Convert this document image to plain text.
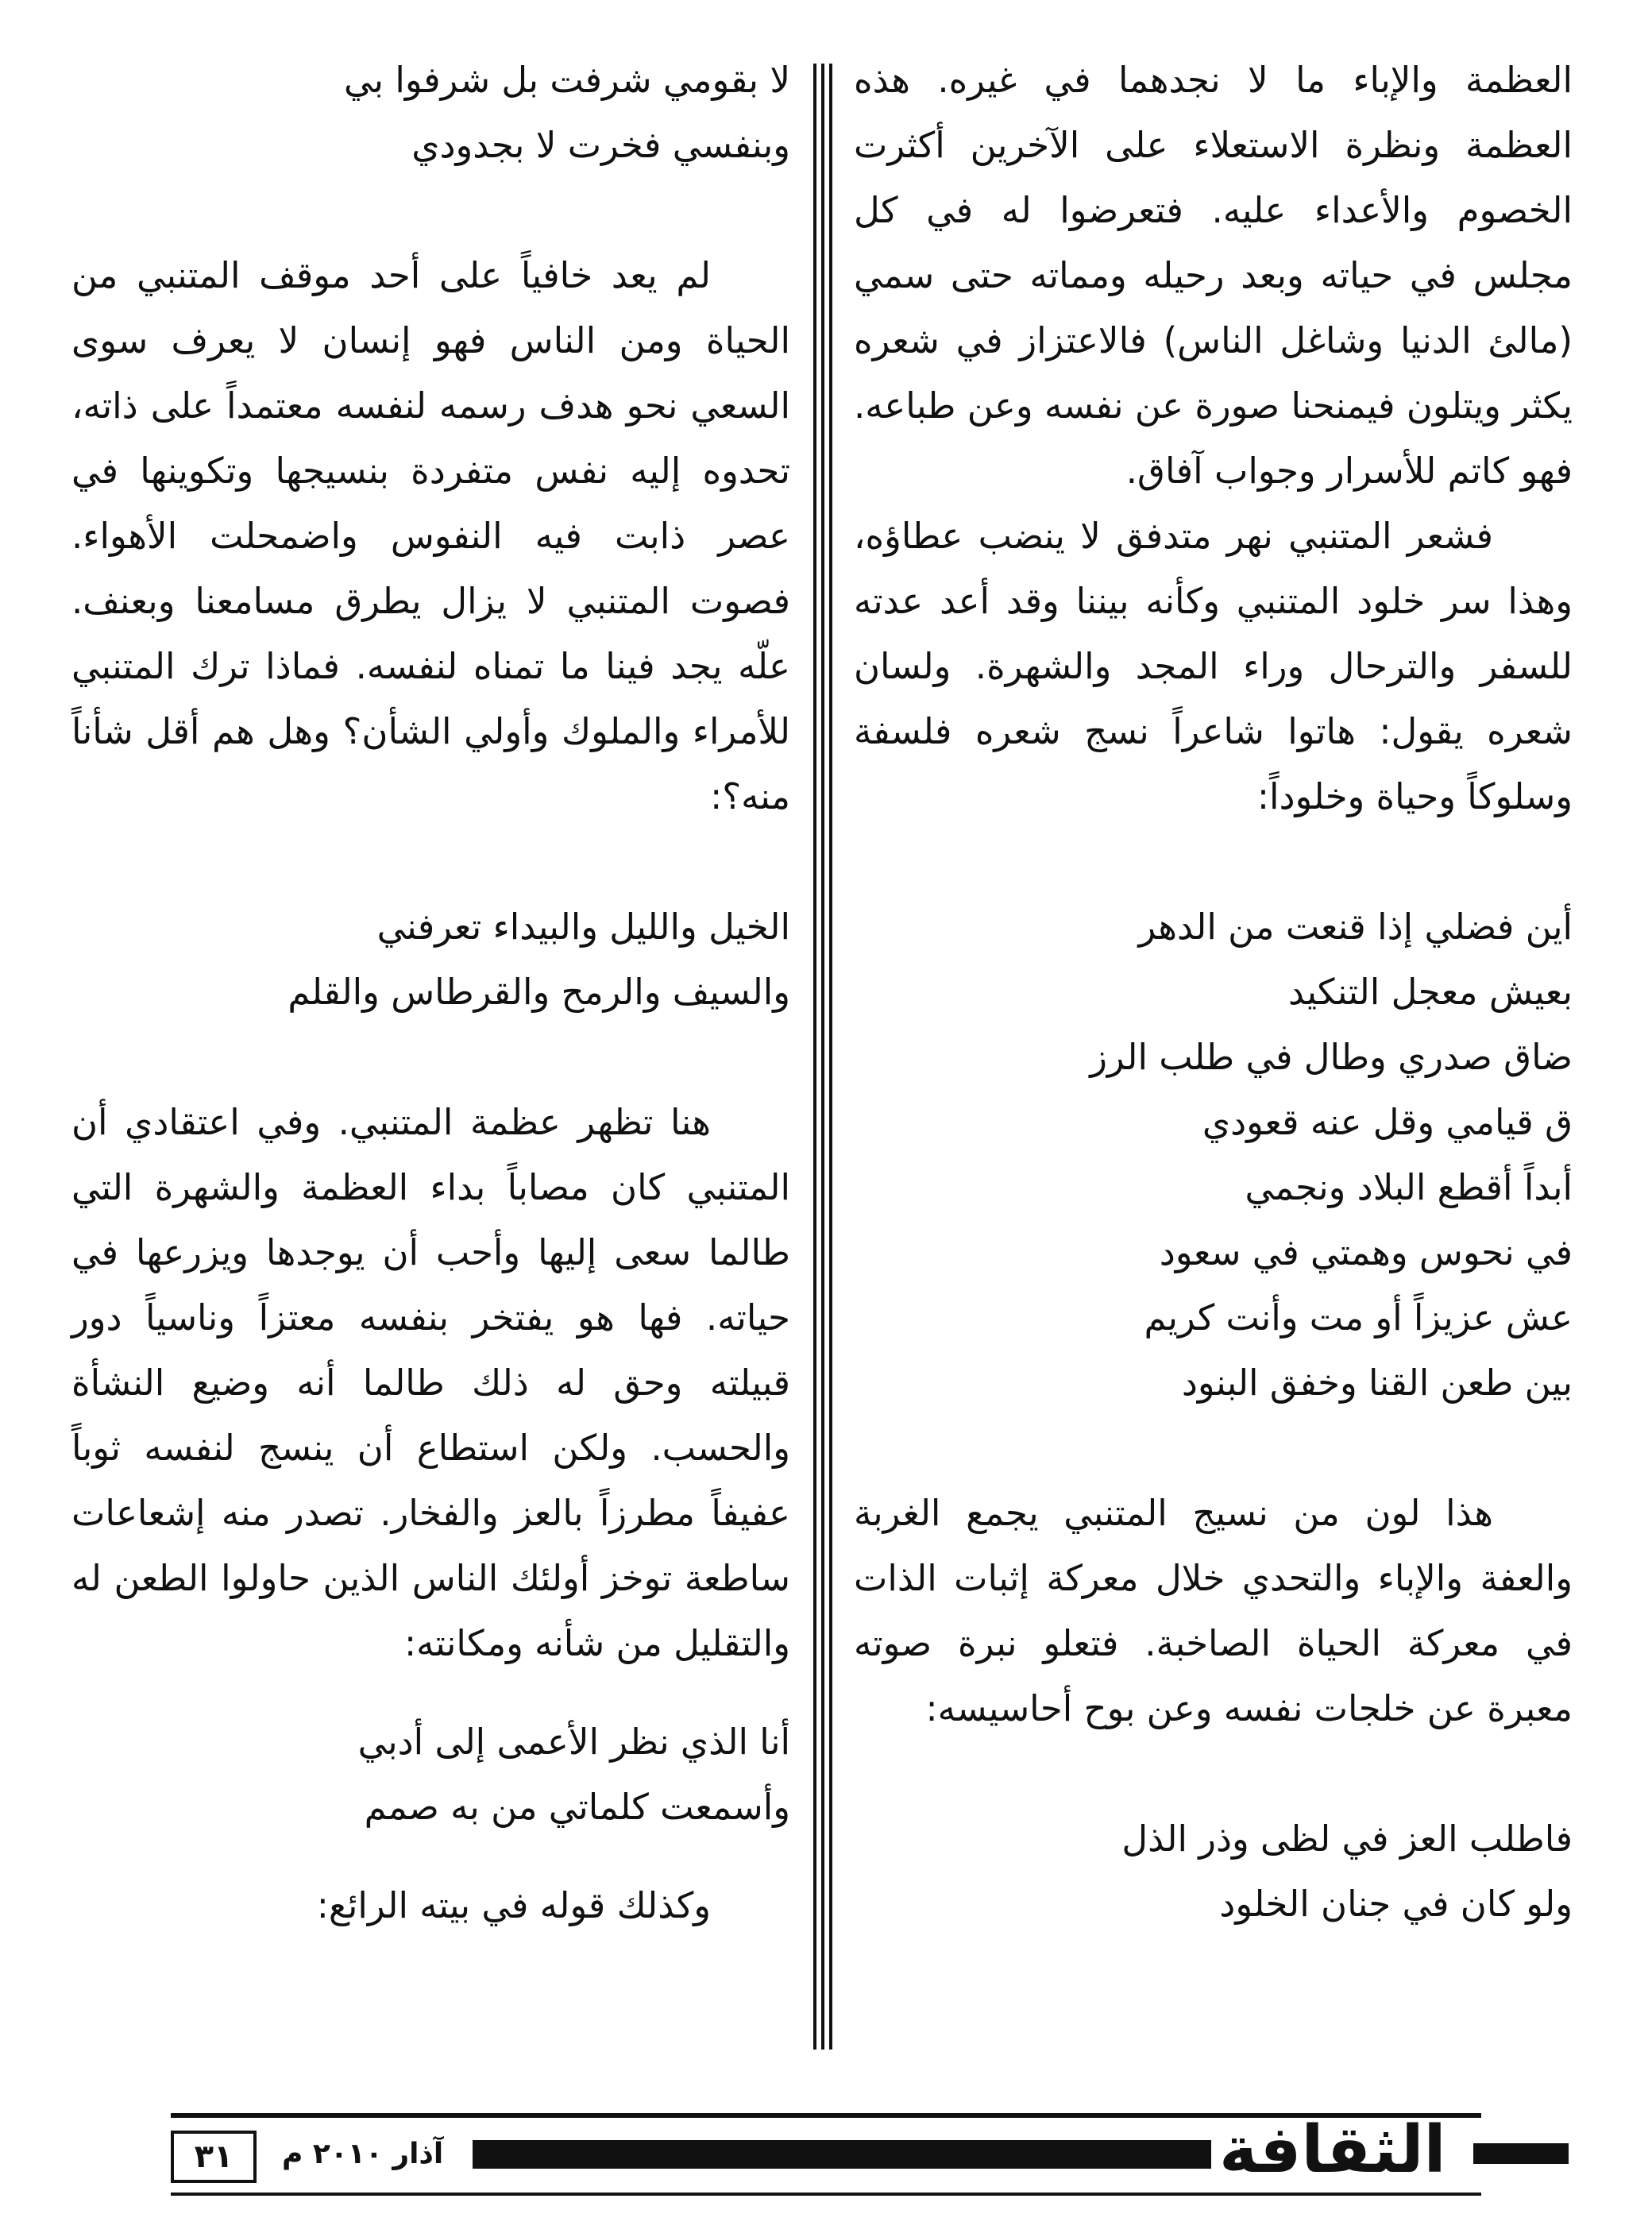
العظمة والإباء ما لا نجدهما في غيره. هذه العظمة ونظرة الاستعلاء على الآخرين أكثرت الخصوم والأعداء عليه. فتعرضوا له في كل مجلس في حياته وبعد رحيله ومماته حتى سمي (مالئ الدنيا وشاغل الناس) فالاعتزاز في شعره يكثر ويتلون فيمنحنا صورة عن نفسه وعن طباعه. فهو كاتم للأسرار وجواب آفاق.

فشعر المتنبي نهر متدفق لا ينضب عطاؤه، وهذا سر خلود المتنبي وكأنه بيننا وقد أعد عدته للسفر والترحال وراء المجد والشهرة. ولسان شعره يقول: هاتوا شاعراً نسج شعره فلسفة وسلوكاً وحياة وخلوداً:

أين فضلي إذا قنعت من الدهر
بعيش معجل التنكيد
ضاق صدري وطال في طلب الرز
ق قيامي وقل عنه قعودي
أبداً أقطع البلاد ونجمي
في نحوس وهمتي في سعود
عش عزيزاً أو مت وأنت كريم
بين طعن القنا وخفق البنود

هذا لون من نسيج المتنبي يجمع الغربة والعفة والإباء والتحدي خلال معركة إثبات الذات في معركة الحياة الصاخبة. فتعلو نبرة صوته معبرة عن خلجات نفسه وعن بوح أحاسيسه:

فاطلب العز في لظى وذر الذل
ولو كان في جنان الخلود
لا بقومي شرفت بل شرفوا بي
وبنفسي فخرت لا بجدودي

لم يعد خافياً على أحد موقف المتنبي من الحياة ومن الناس فهو إنسان لا يعرف سوى السعي نحو هدف رسمه لنفسه معتمداً على ذاته، تحدوه إليه نفس متفردة بنسيجها وتكوينها في عصر ذابت فيه النفوس واضمحلت الأهواء. فصوت المتنبي لا يزال يطرق مسامعنا وبعنف. علّه يجد فينا ما تمناه لنفسه. فماذا ترك المتنبي للأمراء والملوك وأولي الشأن؟ وهل هم أقل شأناً منه؟:

الخيل والليل والبيداء تعرفني
والسيف والرمح والقرطاس والقلم

هنا تظهر عظمة المتنبي. وفي اعتقادي أن المتنبي كان مصاباً بداء العظمة والشهرة التي طالما سعى إليها وأحب أن يوجدها ويزرعها في حياته. فها هو يفتخر بنفسه معتزاً وناسياً دور قبيلته وحق له ذلك طالما أنه وضيع النشأة والحسب. ولكن استطاع أن ينسج لنفسه ثوباً عفيفاً مطرزاً بالعز والفخار. تصدر منه إشعاعات ساطعة توخز أولئك الناس الذين حاولوا الطعن له والتقليل من شأنه ومكانته:

أنا الذي نظر الأعمى إلى أدبي
وأسمعت كلماتي من به صمم

وكذلك قوله في بيته الرائع:

٣١	آذار ٢٠١٠ م	الثقافة
